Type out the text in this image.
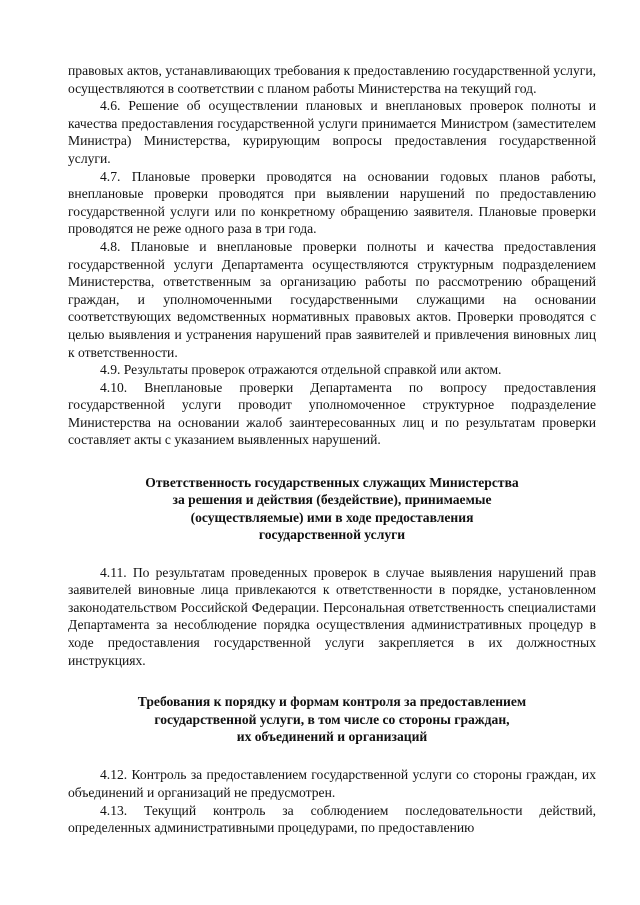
правовых актов, устанавливающих требования к предоставлению государственной услуги, осуществляются в соответствии с планом работы Министерства на текущий год.

4.6. Решение об осуществлении плановых и внеплановых проверок полноты и качества предоставления государственной услуги принимается Министром (заместителем Министра) Министерства, курирующим вопросы предоставления государственной услуги.

4.7. Плановые проверки проводятся на основании годовых планов работы, внеплановые проверки проводятся при выявлении нарушений по предоставлению государственной услуги или по конкретному обращению заявителя. Плановые проверки проводятся не реже одного раза в три года.

4.8. Плановые и внеплановые проверки полноты и качества предоставления государственной услуги Департамента осуществляются структурным подразделением Министерства, ответственным за организацию работы по рассмотрению обращений граждан, и уполномоченными государственными служащими на основании соответствующих ведомственных нормативных правовых актов. Проверки проводятся с целью выявления и устранения нарушений прав заявителей и привлечения виновных лиц к ответственности.

4.9. Результаты проверок отражаются отдельной справкой или актом.

4.10. Внеплановые проверки Департамента по вопросу предоставления государственной услуги проводит уполномоченное структурное подразделение Министерства на основании жалоб заинтересованных лиц и по результатам проверки составляет акты с указанием выявленных нарушений.

Ответственность государственных служащих Министерства
за решения и действия (бездействие), принимаемые
(осуществляемые) ими в ходе предоставления
государственной услуги

4.11. По результатам проведенных проверок в случае выявления нарушений прав заявителей виновные лица привлекаются к ответственности в порядке, установленном законодательством Российской Федерации. Персональная ответственность специалистами Департамента за несоблюдение порядка осуществления административных процедур в ходе предоставления государственной услуги закрепляется в их должностных инструкциях.

Требования к порядку и формам контроля за предоставлением
государственной услуги, в том числе со стороны граждан,
их объединений и организаций

4.12. Контроль за предоставлением государственной услуги со стороны граждан, их объединений и организаций не предусмотрен.

4.13. Текущий контроль за соблюдением последовательности действий, определенных административными процедурами, по предоставлению
